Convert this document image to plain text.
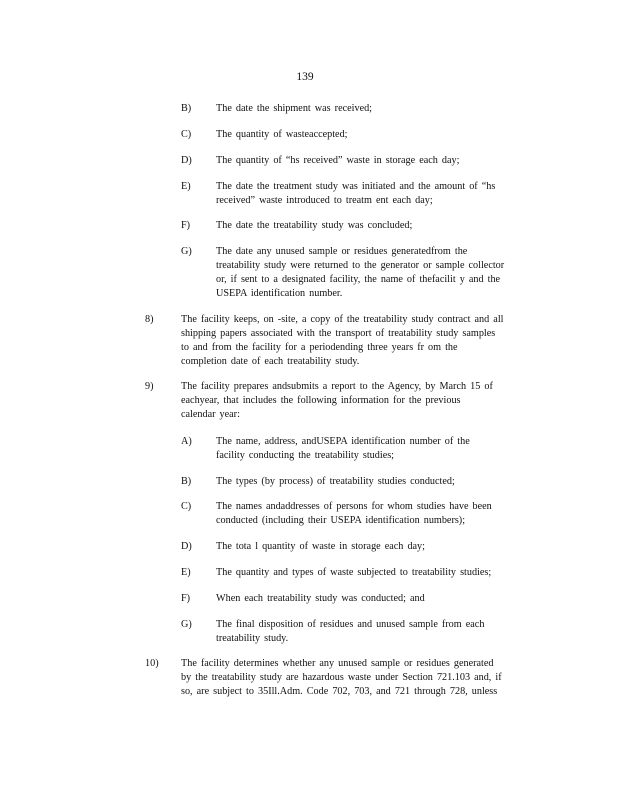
139
B) The date the shipment was received;
C) The quantity of wasteaccepted;
D) The quantity of “hs received” waste in storage each day;
E) The date the treatment study was initiated and the amount of “hs
received” waste introduced to treatm ent each day;
F)	The date the treatability study was concluded;
G) The date any unused sample or residues generatedfrom the
treatability study were returned to the generator or sample collector
or, if sent to a designated facility, the name of thefacilit y and the
USEPA identification number.
8)	The facility keeps, on -site, a copy of the treatability study contract and all
shipping papers associated with the transport of treatability study samples
to and from the facility for a periodending three years fr om the
completion date of each treatability study.
9)	The facility prepares andsubmits a report to the Agency, by March 15 of
eachyear, that includes the following information for the previous
calendar year:
A) The name, address, andUSEPA identification number of the
facility conducting the treatability studies;
B) The types (by process) of treatability studies conducted;
C) The names andaddresses of persons for whom studies have been
conducted (including their USEPA identification numbers);
D) The tota l quantity of waste in storage each day;
E) The quantity and types of waste subjected to treatability studies;
F)	When each treatability study was conducted; and
G) The final disposition of residues and unused sample from each
treatability study.
10) The facility determines whether any unused sample or residues generated
by the treatability study are hazardous waste under Section 721.103 and, if
so, are subject to 35Ill.Adm. Code 702, 703, and 721 through 728, unless
